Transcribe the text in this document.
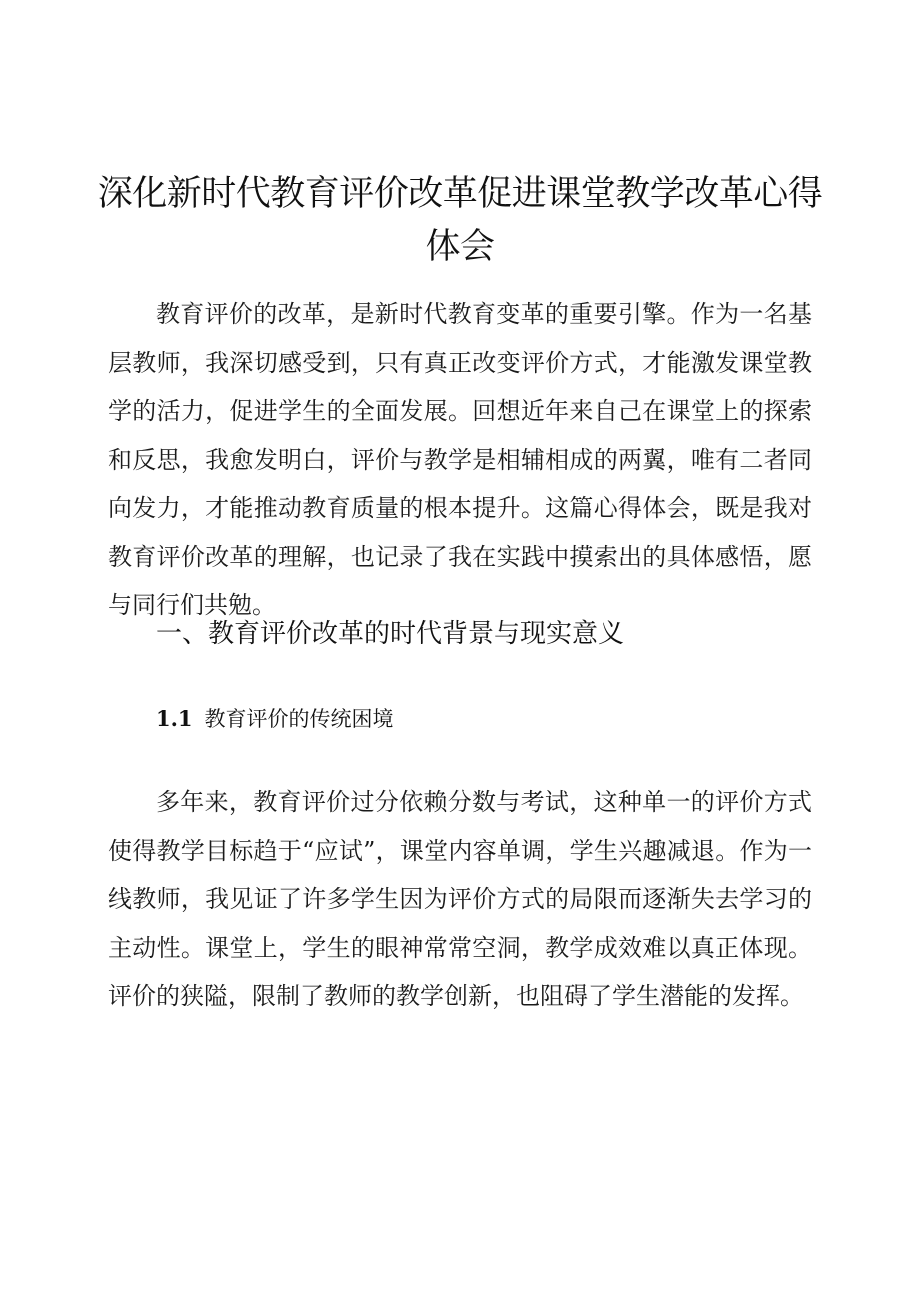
深化新时代教育评价改革促进课堂教学改革心得体会

教育评价的改革，是新时代教育变革的重要引擎。作为一名基层教师，我深切感受到，只有真正改变评价方式，才能激发课堂教学的活力，促进学生的全面发展。回想近年来自己在课堂上的探索和反思，我愈发明白，评价与教学是相辅相成的两翼，唯有二者同向发力，才能推动教育质量的根本提升。这篇心得体会，既是我对教育评价改革的理解，也记录了我在实践中摸索出的具体感悟，愿与同行们共勉。

一、教育评价改革的时代背景与现实意义
1.1 教育评价的传统困境

多年来，教育评价过分依赖分数与考试，这种单一的评价方式使得教学目标趋于“应试”，课堂内容单调，学生兴趣减退。作为一线教师，我见证了许多学生因为评价方式的局限而逐渐失去学习的主动性。课堂上，学生的眼神常常空洞，教学成效难以真正体现。评价的狭隘，限制了教师的教学创新，也阻碍了学生潜能的发挥。
